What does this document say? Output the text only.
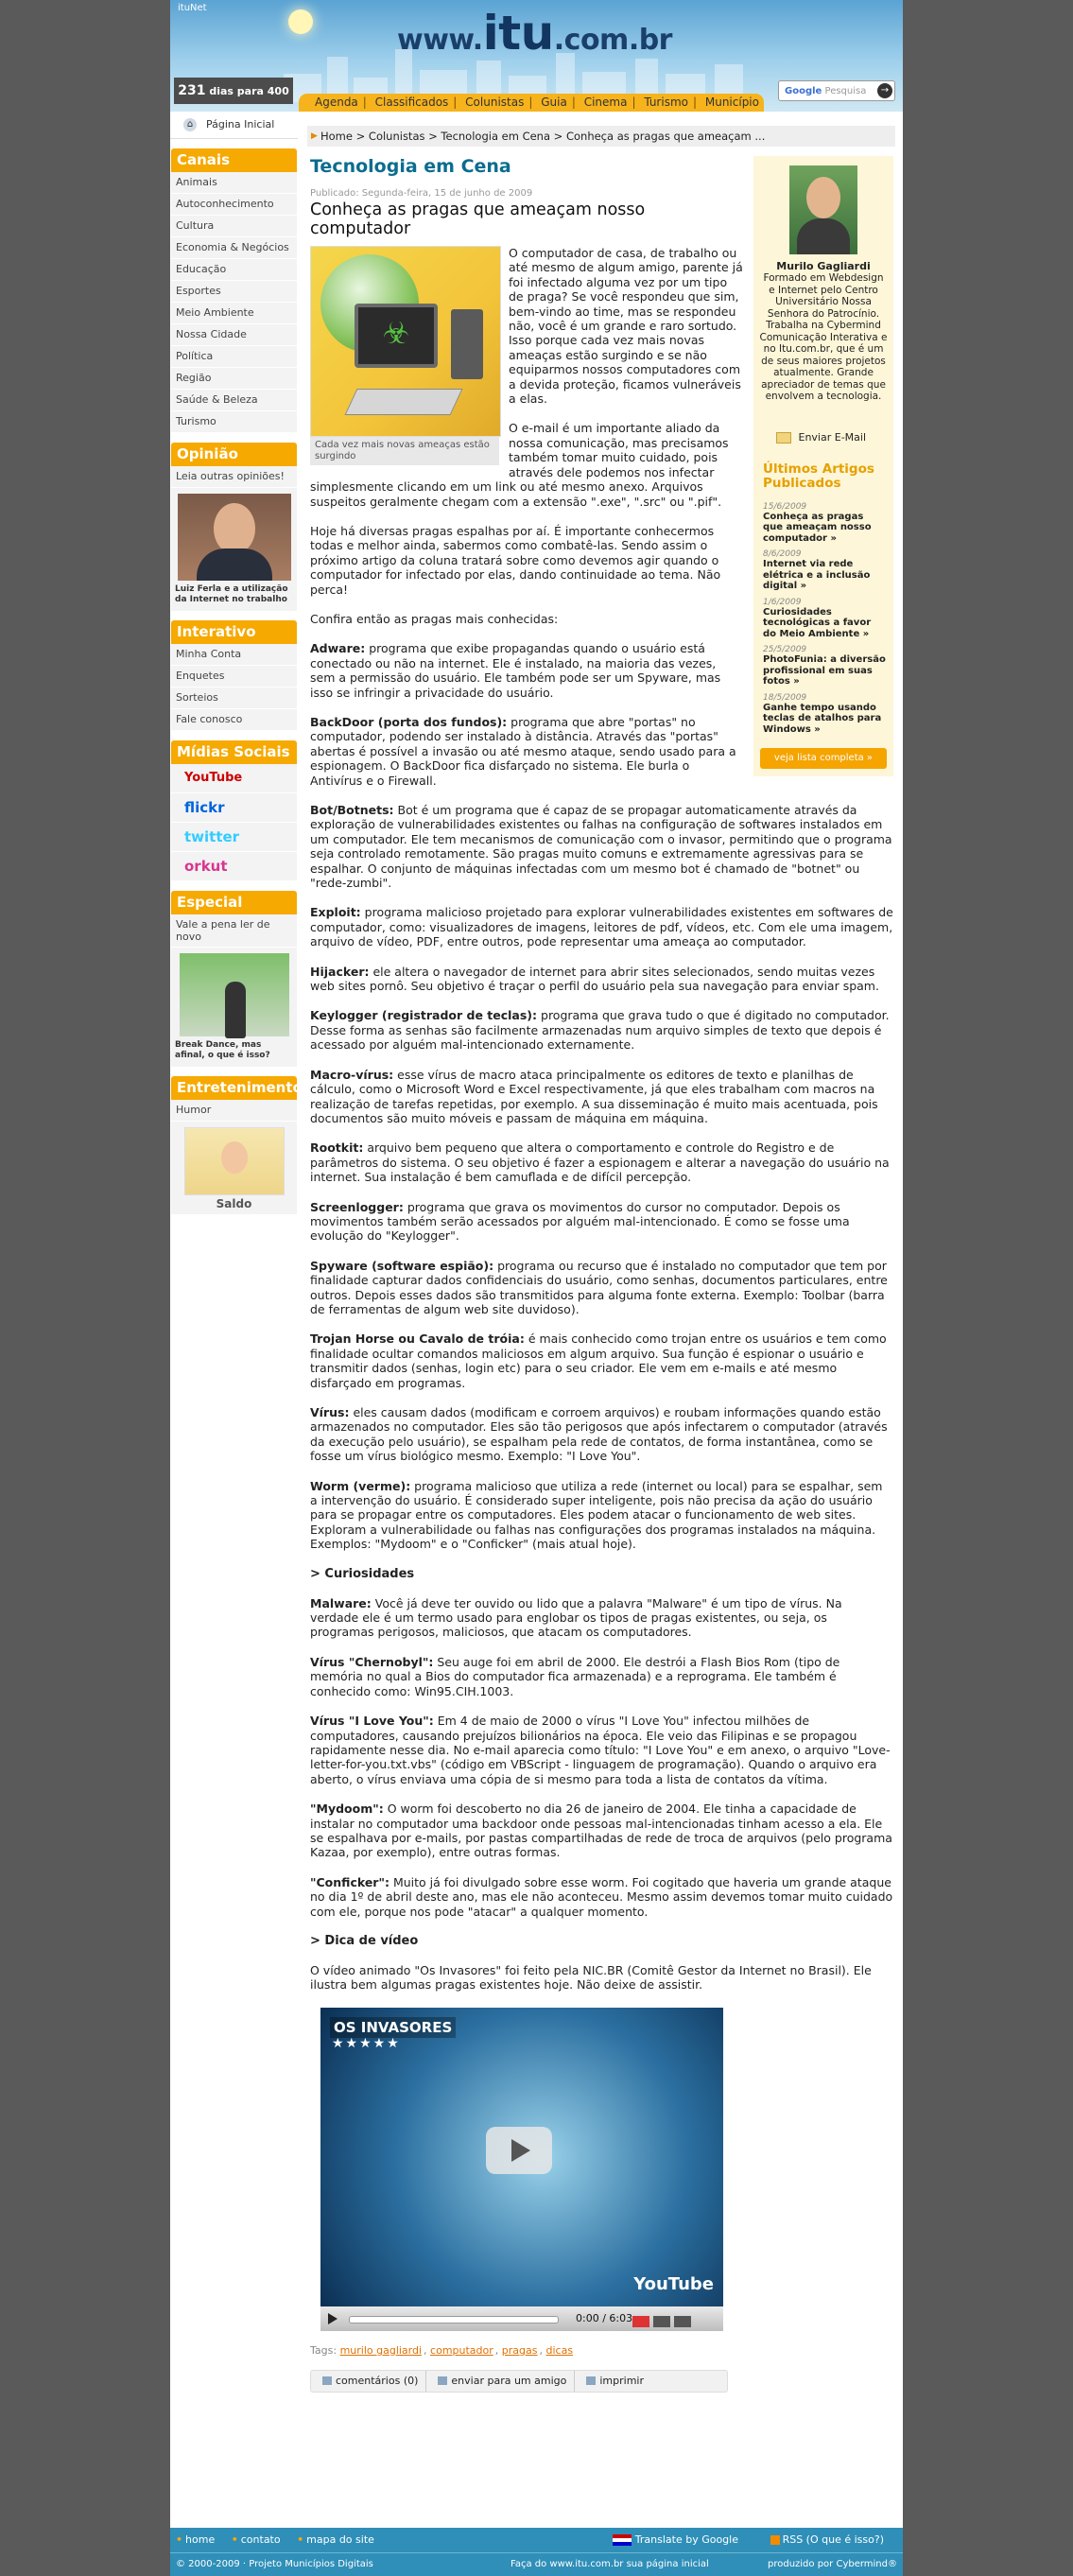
ituNet
www.itu.com.br
231 dias para 400
Agenda | Classificados | Colunistas | Guia | Cinema | Turismo | Município
Google Pesquisa	→
⌂	Página Inicial
Canais
Animais
Autoconhecimento
Cultura
Economia & Negócios
Educação
Esportes
Meio Ambiente
Nossa Cidade
Política
Região
Saúde & Beleza
Turismo
Opinião
Leia outras opiniões!
Luiz Ferla e a utilização da Internet no trabalho
Interativo
Minha Conta
Enquetes
Sorteios
Fale conosco
Mídias Sociais
YouTube
flickr
twitter
orkut
Especial
Vale a pena ler de novo
Break Dance, mas afinal, o que é isso?
Entretenimento
Humor
Saldo
▶ Home > Colunistas > Tecnologia em Cena > Conheça as pragas que ameaçam ...
Murilo Gagliardi
Formado em Webdesign e Internet pelo Centro Universitário Nossa Senhora do Patrocínio. Trabalha na Cybermind Comunicação Interativa e no Itu.com.br, que é um de seus maiores projetos atualmente. Grande apreciador de temas que envolvem a tecnologia.
Enviar E-Mail
Últimos Artigos Publicados
15/6/2009
Conheça as pragas que ameaçam nosso computador »
8/6/2009
Internet via rede elétrica e a inclusão digital »
1/6/2009
Curiosidades tecnológicas a favor do Meio Ambiente »
25/5/2009
PhotoFunia: a diversão profissional em suas fotos »
18/5/2009
Ganhe tempo usando teclas de atalhos para Windows »
veja lista completa »
Tecnologia em Cena
Publicado: Segunda-feira, 15 de junho de 2009
Conheça as pragas que ameaçam nosso computador
☣
Cada vez mais novas ameaças estão surgindo

O computador de casa, de trabalho ou até mesmo de algum amigo, parente já foi infectado alguma vez por um tipo de praga? Se você respondeu que sim, bem-vindo ao time, mas se respondeu não, você é um grande e raro sortudo. Isso porque cada vez mais novas ameaças estão surgindo e se não equiparmos nossos computadores com a devida proteção, ficamos vulneráveis a elas.

O e-mail é um importante aliado da nossa comunicação, mas precisamos também tomar muito cuidado, pois através dele podemos nos infectar simplesmente clicando em um link ou até mesmo anexo. Arquivos suspeitos geralmente chegam com a extensão ".exe", ".src" ou ".pif".

Hoje há diversas pragas espalhas por aí. É importante conhecermos todas e melhor ainda, sabermos como combatê-las. Sendo assim o próximo artigo da coluna tratará sobre como devemos agir quando o computador for infectado por elas, dando continuidade ao tema. Não perca!

Confira então as pragas mais conhecidas:

Adware: programa que exibe propagandas quando o usuário está conectado ou não na internet. Ele é instalado, na maioria das vezes, sem a permissão do usuário. Ele também pode ser um Spyware, mas isso se infringir a privacidade do usuário.

BackDoor (porta dos fundos): programa que abre "portas" no computador, podendo ser instalado à distância. Através das "portas" abertas é possível a invasão ou até mesmo ataque, sendo usado para a espionagem. O BackDoor fica disfarçado no sistema. Ele burla o Antivírus e o Firewall.

Bot/Botnets: Bot é um programa que é capaz de se propagar automaticamente através da exploração de vulnerabilidades existentes ou falhas na configuração de softwares instalados em um computador. Ele tem mecanismos de comunicação com o invasor, permitindo que o programa seja controlado remotamente. São pragas muito comuns e extremamente agressivas para se espalhar. O conjunto de máquinas infectadas com um mesmo bot é chamado de "botnet" ou "rede-zumbi".

Exploit: programa malicioso projetado para explorar vulnerabilidades existentes em softwares de computador, como: visualizadores de imagens, leitores de pdf, vídeos, etc. Com ele uma imagem, arquivo de vídeo, PDF, entre outros, pode representar uma ameaça ao computador.

Hijacker: ele altera o navegador de internet para abrir sites selecionados, sendo muitas vezes web sites pornô. Seu objetivo é traçar o perfil do usuário pela sua navegação para enviar spam.

Keylogger (registrador de teclas): programa que grava tudo o que é digitado no computador. Desse forma as senhas são facilmente armazenadas num arquivo simples de texto que depois é acessado por alguém mal-intencionado externamente.

Macro-vírus: esse vírus de macro ataca principalmente os editores de texto e planilhas de cálculo, como o Microsoft Word e Excel respectivamente, já que eles trabalham com macros na realização de tarefas repetidas, por exemplo. A sua disseminação é muito mais acentuada, pois documentos são muito móveis e passam de máquina em máquina.

Rootkit: arquivo bem pequeno que altera o comportamento e controle do Registro e de parâmetros do sistema. O seu objetivo é fazer a espionagem e alterar a navegação do usuário na internet. Sua instalação é bem camuflada e de difícil percepção.

Screenlogger: programa que grava os movimentos do cursor no computador. Depois os movimentos também serão acessados por alguém mal-intencionado. É como se fosse uma evolução do "Keylogger".

Spyware (software espião): programa ou recurso que é instalado no computador que tem por finalidade capturar dados confidenciais do usuário, como senhas, documentos particulares, entre outros. Depois esses dados são transmitidos para alguma fonte externa. Exemplo: Toolbar (barra de ferramentas de algum web site duvidoso).

Trojan Horse ou Cavalo de tróia: é mais conhecido como trojan entre os usuários e tem como finalidade ocultar comandos maliciosos em algum arquivo. Sua função é espionar o usuário e transmitir dados (senhas, login etc) para o seu criador. Ele vem em e-mails e até mesmo disfarçado em programas.

Vírus: eles causam dados (modificam e corroem arquivos) e roubam informações quando estão armazenados no computador. Eles são tão perigosos que após infectarem o computador (através da execução pelo usuário), se espalham pela rede de contatos, de forma instantânea, como se fosse um vírus biológico mesmo. Exemplo: "I Love You".

Worm (verme): programa malicioso que utiliza a rede (internet ou local) para se espalhar, sem a intervenção do usuário. É considerado super inteligente, pois não precisa da ação do usuário para se propagar entre os computadores. Eles podem atacar o funcionamento de web sites. Exploram a vulnerabilidade ou falhas nas configurações dos programas instalados na máquina. Exemplos: "Mydoom" e o "Conficker" (mais atual hoje).

> Curiosidades

Malware: Você já deve ter ouvido ou lido que a palavra "Malware" é um tipo de vírus. Na verdade ele é um termo usado para englobar os tipos de pragas existentes, ou seja, os programas perigosos, maliciosos, que atacam os computadores.

Vírus "Chernobyl": Seu auge foi em abril de 2000. Ele destrói a Flash Bios Rom (tipo de memória no qual a Bios do computador fica armazenada) e a reprograma. Ele também é conhecido como: Win95.CIH.1003.

Vírus "I Love You": Em 4 de maio de 2000 o vírus "I Love You" infectou milhões de computadores, causando prejuízos bilionários na época. Ele veio das Filipinas e se propagou rapidamente nesse dia. No e-mail aparecia como título: "I Love You" e em anexo, o arquivo "Love-letter-for-you.txt.vbs" (código em VBScript - linguagem de programação). Quando o arquivo era aberto, o vírus enviava uma cópia de si mesmo para toda a lista de contatos da vítima.

"Mydoom": O worm foi descoberto no dia 26 de janeiro de 2004. Ele tinha a capacidade de instalar no computador uma backdoor onde pessoas mal-intencionadas tinham acesso a ela. Ele se espalhava por e-mails, por pastas compartilhadas de rede de troca de arquivos (pelo programa Kazaa, por exemplo), entre outras formas.

"Conficker": Muito já foi divulgado sobre esse worm. Foi cogitado que haveria um grande ataque no dia 1º de abril deste ano, mas ele não aconteceu. Mesmo assim devemos tomar muito cuidado com ele, porque nos pode "atacar" a qualquer momento.

> Dica de vídeo

O vídeo animado "Os Invasores" foi feito pela NIC.BR (Comitê Gestor da Internet no Brasil). Ele ilustra bem algumas pragas existentes hoje. Não deixe de assistir.

OS INVASORES
★★★★★
YouTube
0:00 / 6:03
Tags: murilo gagliardi , computador , pragas , dicas
comentários (0)	enviar para um amigo	imprimir
• home • contato • mapa do site	Translate by Google	RSS (O que é isso?)
© 2000-2009 · Projeto Municípios Digitais	Faça do www.itu.com.br sua página inicial	produzido por Cybermind®
